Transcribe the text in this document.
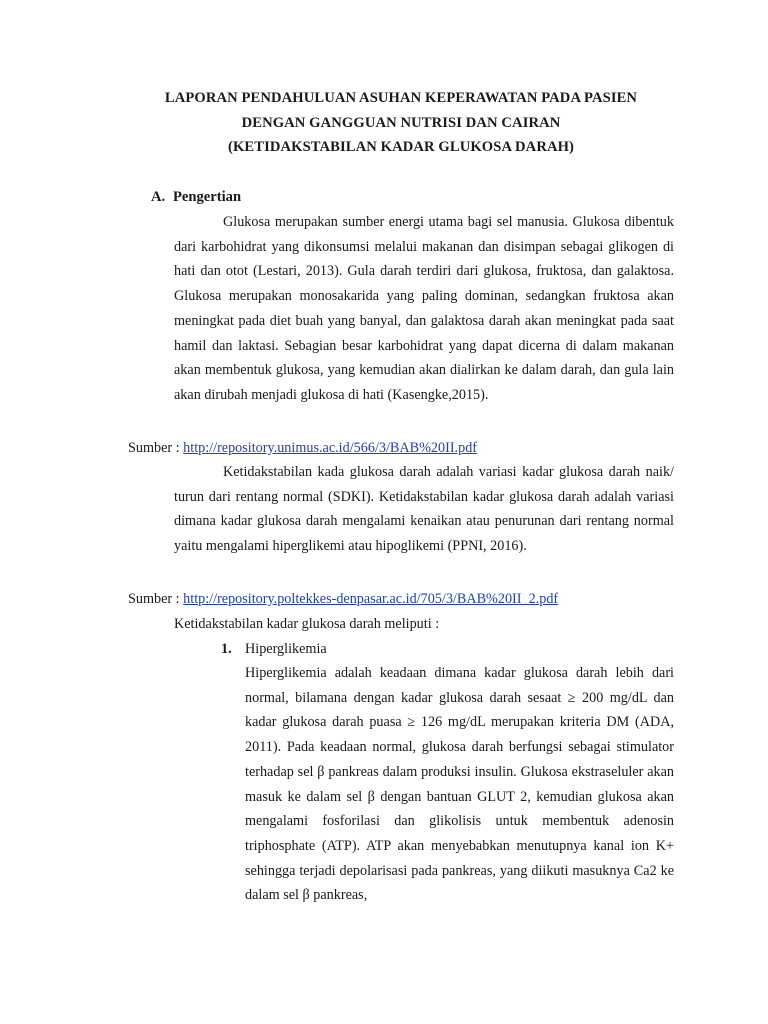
LAPORAN PENDAHULUAN ASUHAN KEPERAWATAN PADA PASIEN
DENGAN GANGGUAN NUTRISI DAN CAIRAN
(KETIDAKSTABILAN KADAR GLUKOSA DARAH)
A. Pengertian

Glukosa merupakan sumber energi utama bagi sel manusia. Glukosa dibentuk dari karbohidrat yang dikonsumsi melalui makanan dan disimpan sebagai glikogen di hati dan otot (Lestari, 2013). Gula darah terdiri dari glukosa, fruktosa, dan galaktosa. Glukosa merupakan monosakarida yang paling dominan, sedangkan fruktosa akan meningkat pada diet buah yang banyal, dan galaktosa darah akan meningkat pada saat hamil dan laktasi. Sebagian besar karbohidrat yang dapat dicerna di dalam makanan akan membentuk glukosa, yang kemudian akan dialirkan ke dalam darah, dan gula lain akan dirubah menjadi glukosa di hati (Kasengke,2015).

Sumber : http://repository.unimus.ac.id/566/3/BAB%20II.pdf

Ketidakstabilan kada glukosa darah adalah variasi kadar glukosa darah naik/ turun dari rentang normal (SDKI). Ketidakstabilan kadar glukosa darah adalah variasi dimana kadar glukosa darah mengalami kenaikan atau penurunan dari rentang normal yaitu mengalami hiperglikemi atau hipoglikemi (PPNI, 2016).

Sumber : http://repository.poltekkes-denpasar.ac.id/705/3/BAB%20II_2.pdf
Ketidakstabilan kadar glukosa darah meliputi :
1. Hiperglikemia

Hiperglikemia adalah keadaan dimana kadar glukosa darah lebih dari normal, bilamana dengan kadar glukosa darah sesaat ≥ 200 mg/dL dan kadar glukosa darah puasa ≥ 126 mg/dL merupakan kriteria DM (ADA, 2011). Pada keadaan normal, glukosa darah berfungsi sebagai stimulator terhadap sel β pankreas dalam produksi insulin. Glukosa ekstraseluler akan masuk ke dalam sel β dengan bantuan GLUT 2, kemudian glukosa akan mengalami fosforilasi dan glikolisis untuk membentuk adenosin triphosphate (ATP). ATP akan menyebabkan menutupnya kanal ion K+ sehingga terjadi depolarisasi pada pankreas, yang diikuti masuknya Ca2 ke dalam sel β pankreas,
